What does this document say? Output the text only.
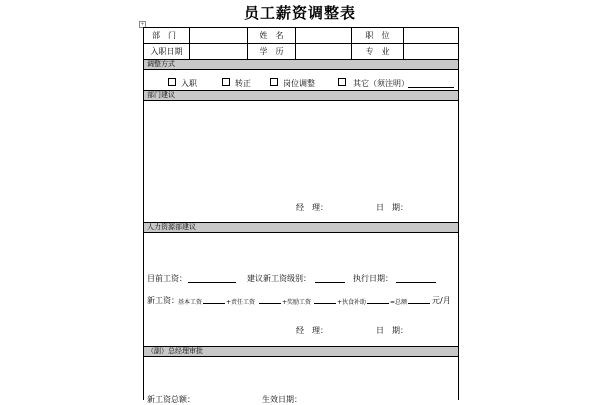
员工薪资调整表
+
部　门	姓　名	职　位
入职日期	学　历	专　业
调整方式
入职	转正	岗位调整	其它（须注明）
部门建议
经　理：	日　期：
人力资源部建议
目前工资：	建议新工资级别：	执行日期：
新工资： 基本工资	+责任工资	+奖励工资	+伙食补助	=总额	元/月
经　理：	日　期：
（副）总经理审批
新工资总额：	生效日期：
